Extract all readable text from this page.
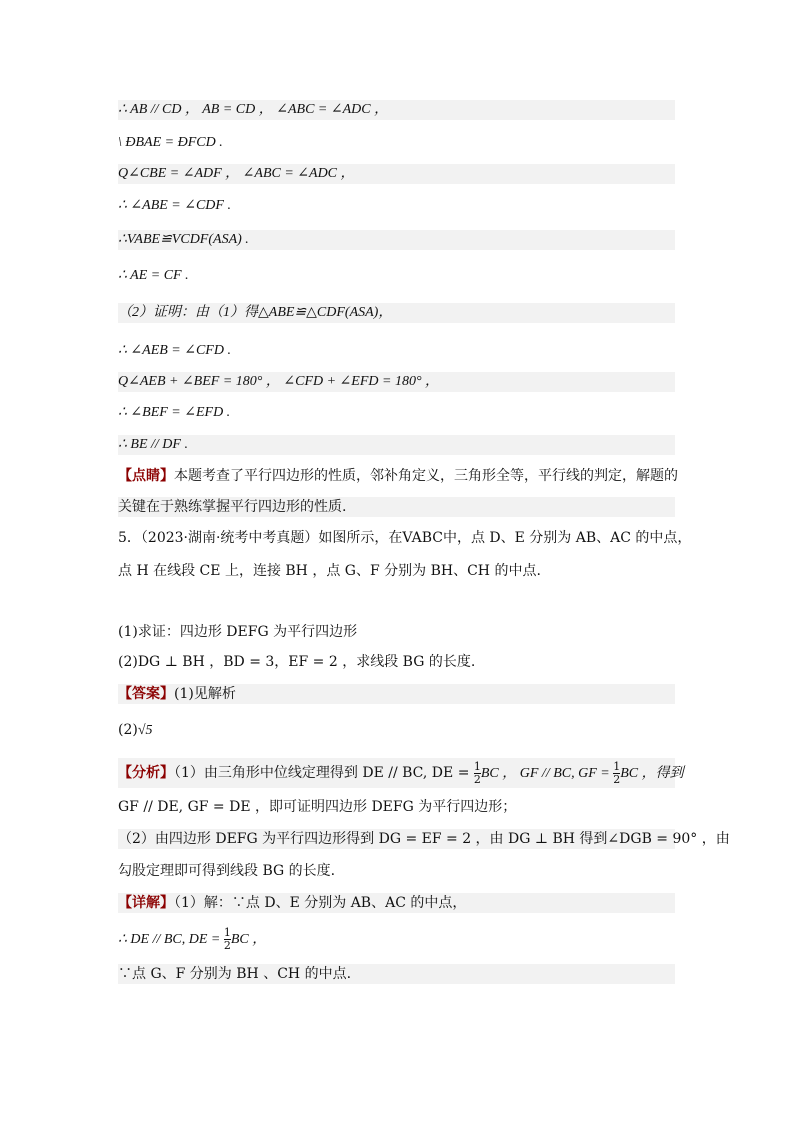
∴ AB // CD ， AB = CD ， ∠ABC = ∠ADC ，
\ ÐBAE = ÐFCD .
Q∠CBE = ∠ADF ， ∠ABC = ∠ADC ，
∴ ∠ABE = ∠CDF .
∴VABE≌VCDF(ASA) .
∴ AE = CF .
（2）证明：由（1）得△ABE≌△CDF(ASA)，
∴ ∠AEB = ∠CFD .
Q∠AEB + ∠BEF = 180° ， ∠CFD + ∠EFD = 180° ，
∴ ∠BEF = ∠EFD .
∴ BE // DF .
【点睛】本题考查了平行四边形的性质，邻补角定义，三角形全等，平行线的判定，解题的
关键在于熟练掌握平行四边形的性质.
5．（2023·湖南·统考中考真题）如图所示，在VABC中，点 D、E 分别为 AB、AC 的中点，
点 H 在线段 CE 上，连接 BH ，点 G、F 分别为 BH、CH 的中点.
(1)求证：四边形 DEFG 为平行四边形
(2)DG ⊥ BH ，BD = 3，EF = 2 ，求线段 BG 的长度.
【答案】(1)见解析
(2)√5
【分析】（1）由三角形中位线定理得到 DE // BC, DE = $\frac{1}{2}$ BC ， GF // BC, GF = $\frac{1}{2}$ BC ，得到
GF // DE, GF = DE ，即可证明四边形 DEFG 为平行四边形；
（2）由四边形 DEFG 为平行四边形得到 DG = EF = 2 ，由 DG ⊥ BH 得到∠DGB = 90° ，由
勾股定理即可得到线段 BG 的长度.
【详解】（1）解：∵点 D、E 分别为 AB、AC 的中点，
∴ DE // BC, DE = $\frac{1}{2}$ BC ，
∵点 G、F 分别为 BH 、CH 的中点.
